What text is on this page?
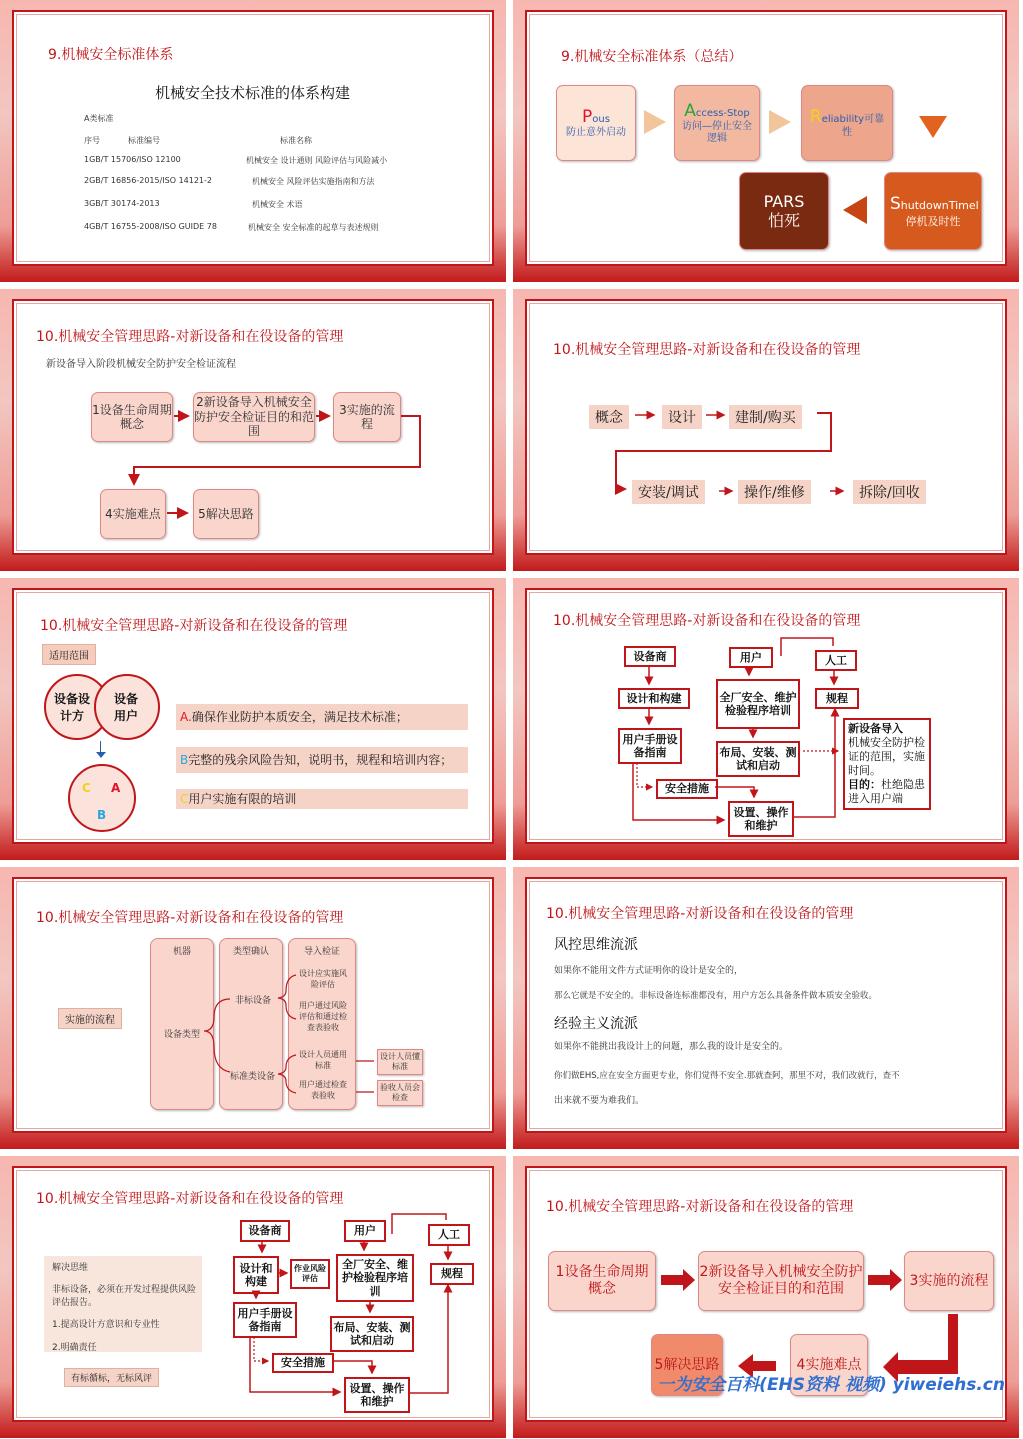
9.机械安全标准体系
机械安全技术标准的体系构建
A类标准
序号	标准编号	标准名称
1GB/T 15706/ISO 12100	机械安全 设计通则 风险评估与风险减小
2GB/T 16856-2015/ISO 14121-2	机械安全 风险评估实施指南和方法
3GB/T 30174-2013	机械安全 术语
4GB/T 16755-2008/ISO GUIDE 78	机械安全 安全标准的起草与表述规则
9.机械安全标准体系（总结）
Pous
防止意外启动
Access-Stop
访问—停止安全逻辑
Reliability可靠性
ShutdownTimel停机及时性
PARS
怕死
10.机械安全管理思路-对新设备和在役设备的管理
新设备导入阶段机械安全防护安全检证流程
1设备生命周期概念
2新设备导入机械安全防护安全检证目的和范围
3实施的流程
4实施难点	5解决思路
10.机械安全管理思路-对新设备和在役设备的管理
概念	设计	建制/购买
安装/调试	操作/维修	拆除/回收
10.机械安全管理思路-对新设备和在役设备的管理
适用范围
设备设计方
设备用户
C A
B
A.确保作业防护本质安全，满足技术标准；
B完整的残余风险告知，说明书，规程和培训内容；
C用户实施有限的培训
10.机械安全管理思路-对新设备和在役设备的管理
设备商
设计和构建
用户手册设备指南
安全措施
用户
全厂安全、维护检验程序培训
布局、安装、测试和启动
设置、操作和维护
人工
规程
新设备导入
机械安全防护检证的范围，实施时间。
目的：杜绝隐患进入用户端
10.机械安全管理思路-对新设备和在役设备的管理
实施的流程
机器	类型确认	导入检证
设备类型
非标设备
标准类设备
设计应实施风险评估
用户通过风险评估和通过检查表验收
设计人员通用标准
用户通过检查表验收
设计人员懂标准
验收人员会检查
10.机械安全管理思路-对新设备和在役设备的管理
风控思维流派
如果你不能用文件方式证明你的设计是安全的，
那么它就是不安全的。非标设备连标准都没有，用户方怎么具备条件做本质安全验收。
经验主义流派
如果你不能挑出我设计上的问题，那么我的设计是安全的。
你们做EHS,应在安全方面更专业，你们觉得不安全.那就查阿，那里不对，我们改就行，查不
出来就不要为难我们。
10.机械安全管理思路-对新设备和在役设备的管理
解决思维
非标设备，必须在开发过程提供风险评估报告。
1.提高设计方意识和专业性
2.明确责任
有标循标，无标风评
设备商
设计和构建
作业风险评估
用户手册设备指南
安全措施
用户
全厂安全、维护检验程序培训
布局、安装、测试和启动
设置、操作和维护
人工
规程
10.机械安全管理思路-对新设备和在役设备的管理
1设备生命周期概念
2新设备导入机械安全防护安全检证目的和范围
3实施的流程
4实施难点
5解决思路
一为安全百科(EHS资料 视频) yiweiehs.cn
